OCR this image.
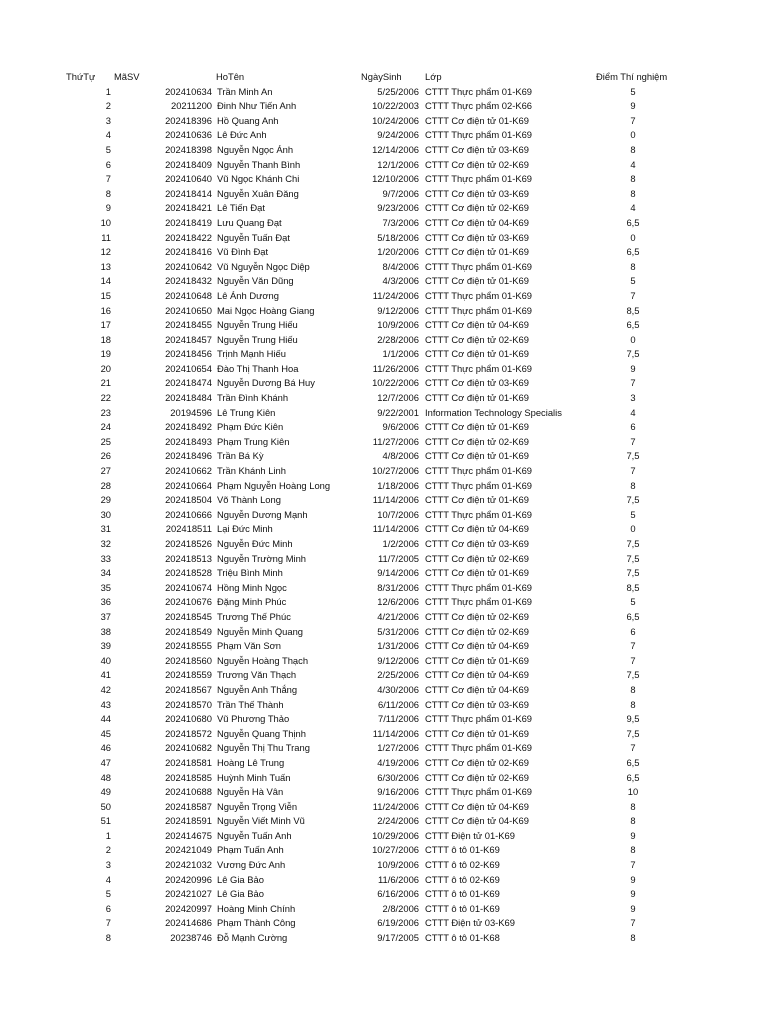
ThứTự	MãSV	HoTên	NgàySinh	Lớp	Điểm Thí nghiệm
1	202410634 Trần Minh An	5/25/2006 CTTT Thực phẩm 01-K69	5
2	20211200 Đinh Như Tiến Anh	10/22/2003 CTTT Thực phẩm 02-K66	9
3	202418396 Hồ Quang Anh	10/24/2006 CTTT Cơ điện tử 01-K69	7
4	202410636 Lê Đức Anh	9/24/2006 CTTT Thực phẩm 01-K69	0
5	202418398 Nguyễn Ngọc Ánh	12/14/2006 CTTT Cơ điện tử 03-K69	8
6	202418409 Nguyễn Thanh Bình	12/1/2006 CTTT Cơ điện tử 02-K69	4
7	202410640 Vũ Ngọc Khánh Chi	12/10/2006 CTTT Thực phẩm 01-K69	8
8	202418414 Nguyễn Xuân Đăng	9/7/2006 CTTT Cơ điện tử 03-K69	8
9	202418421 Lê Tiến Đạt	9/23/2006 CTTT Cơ điện tử 02-K69	4
10	202418419 Lưu Quang Đạt	7/3/2006 CTTT Cơ điện tử 04-K69	6,5
11	202418422 Nguyễn Tuấn Đạt	5/18/2006 CTTT Cơ điện tử 03-K69	0
12	202418416 Vũ Đình Đạt	1/20/2006 CTTT Cơ điện tử 01-K69	6,5
13	202410642 Vũ Nguyễn Ngọc Diệp	8/4/2006 CTTT Thực phẩm 01-K69	8
14	202418432 Nguyễn Văn Dũng	4/3/2006 CTTT Cơ điện tử 01-K69	5
15	202410648 Lê Ánh Dương	11/24/2006 CTTT Thực phẩm 01-K69	7
16	202410650 Mai Ngọc Hoàng Giang	9/12/2006 CTTT Thực phẩm 01-K69	8,5
17	202418455 Nguyễn Trung Hiếu	10/9/2006 CTTT Cơ điện tử 04-K69	6,5
18	202418457 Nguyễn Trung Hiếu	2/28/2006 CTTT Cơ điện tử 02-K69	0
19	202418456 Trịnh Mạnh Hiếu	1/1/2006 CTTT Cơ điện tử 01-K69	7,5
20	202410654 Đào Thị Thanh Hoa	11/26/2006 CTTT Thực phẩm 01-K69	9
21	202418474 Nguyễn Dương Bá Huy	10/22/2006 CTTT Cơ điện tử 03-K69	7
22	202418484 Trần Đình Khánh	12/7/2006 CTTT Cơ điện tử 01-K69	3
23	20194596 Lê Trung Kiên	9/22/2001 Information Technology Specialis	4
24	202418492 Phạm Đức Kiên	9/6/2006 CTTT Cơ điện tử 01-K69	6
25	202418493 Phạm Trung Kiên	11/27/2006 CTTT Cơ điện tử 02-K69	7
26	202418496 Trần Bá Kỳ	4/8/2006 CTTT Cơ điện tử 01-K69	7,5
27	202410662 Trần Khánh Linh	10/27/2006 CTTT Thực phẩm 01-K69	7
28	202410664 Phạm Nguyễn Hoàng Long	1/18/2006 CTTT Thực phẩm 01-K69	8
29	202418504 Võ Thành Long	11/14/2006 CTTT Cơ điện tử 01-K69	7,5
30	202410666 Nguyễn Dương Mạnh	10/7/2006 CTTT Thực phẩm 01-K69	5
31	202418511 Lại Đức Minh	11/14/2006 CTTT Cơ điện tử 04-K69	0
32	202418526 Nguyễn Đức Minh	1/2/2006 CTTT Cơ điện tử 03-K69	7,5
33	202418513 Nguyễn Trường Minh	11/7/2005 CTTT Cơ điện tử 02-K69	7,5
34	202418528 Triệu Bình Minh	9/14/2006 CTTT Cơ điện tử 01-K69	7,5
35	202410674 Hồng Minh Ngọc	8/31/2006 CTTT Thực phẩm 01-K69	8,5
36	202410676 Đặng Minh Phúc	12/6/2006 CTTT Thực phẩm 01-K69	5
37	202418545 Trương Thế Phúc	4/21/2006 CTTT Cơ điện tử 02-K69	6,5
38	202418549 Nguyễn Minh Quang	5/31/2006 CTTT Cơ điện tử 02-K69	6
39	202418555 Phạm Văn Sơn	1/31/2006 CTTT Cơ điện tử 04-K69	7
40	202418560 Nguyễn Hoàng Thạch	9/12/2006 CTTT Cơ điện tử 01-K69	7
41	202418559 Trương Văn Thạch	2/25/2006 CTTT Cơ điện tử 04-K69	7,5
42	202418567 Nguyễn Anh Thắng	4/30/2006 CTTT Cơ điện tử 04-K69	8
43	202418570 Trần Thế Thành	6/11/2006 CTTT Cơ điện tử 03-K69	8
44	202410680 Vũ Phương Thảo	7/11/2006 CTTT Thực phẩm 01-K69	9,5
45	202418572 Nguyễn Quang Thịnh	11/14/2006 CTTT Cơ điện tử 01-K69	7,5
46	202410682 Nguyễn Thị Thu Trang	1/27/2006 CTTT Thực phẩm 01-K69	7
47	202418581 Hoàng Lê Trung	4/19/2006 CTTT Cơ điện tử 02-K69	6,5
48	202418585 Huỳnh Minh Tuấn	6/30/2006 CTTT Cơ điện tử 02-K69	6,5
49	202410688 Nguyễn Hà Vân	9/16/2006 CTTT Thực phẩm 01-K69	10
50	202418587 Nguyễn Trọng Viễn	11/24/2006 CTTT Cơ điện tử 04-K69	8
51	202418591 Nguyễn Viết Minh Vũ	2/24/2006 CTTT Cơ điện tử 04-K69	8
1	202414675 Nguyễn Tuấn Anh	10/29/2006 CTTT Điện tử 01-K69	9
2	202421049 Phạm Tuấn Anh	10/27/2006 CTTT ô tô 01-K69	8
3	202421032 Vương Đức Anh	10/9/2006 CTTT ô tô 02-K69	7
4	202420996 Lê Gia Bảo	11/6/2006 CTTT ô tô 02-K69	9
5	202421027 Lê Gia Bảo	6/16/2006 CTTT ô tô 01-K69	9
6	202420997 Hoàng Minh Chính	2/8/2006 CTTT ô tô 01-K69	9
7	202414686 Phạm Thành Công	6/19/2006 CTTT Điện tử 03-K69	7
8	20238746 Đỗ Mạnh Cường	9/17/2005 CTTT ô tô 01-K68	8
